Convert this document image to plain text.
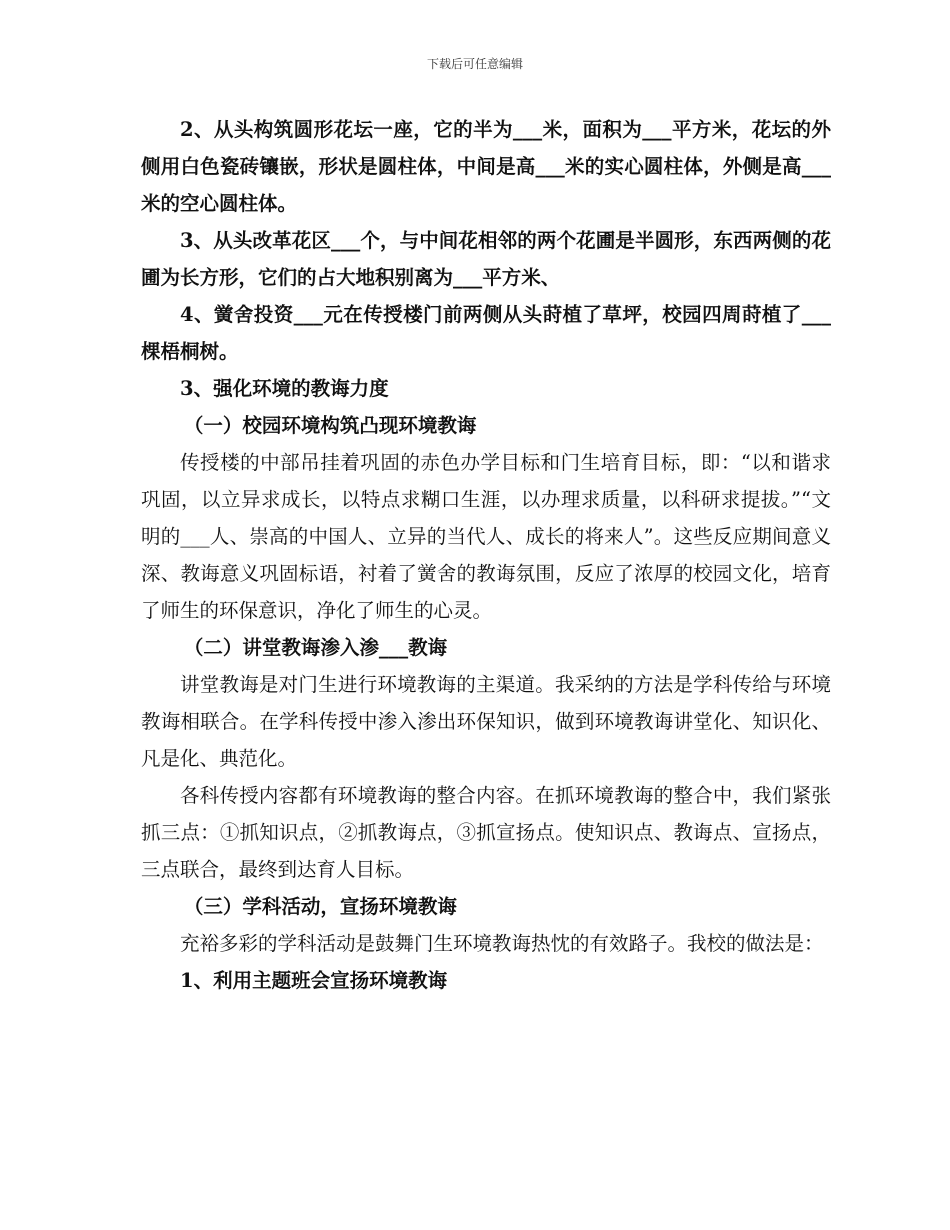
下载后可任意编辑

2、从头构筑圆形花坛一座，它的半为___米，面积为___平方米，花坛的外侧用白色瓷砖镶嵌，形状是圆柱体，中间是高___米的实心圆柱体，外侧是高___米的空心圆柱体。

3、从头改革花区___个，与中间花相邻的两个花圃是半圆形，东西两侧的花圃为长方形，它们的占大地积别离为___平方米、

4、黉舍投资___元在传授楼门前两侧从头莳植了草坪，校园四周莳植了___棵梧桐树。

3、强化环境的教诲力度

（一）校园环境构筑凸现环境教诲

传授楼的中部吊挂着巩固的赤色办学目标和门生培育目标，即：“以和谐求巩固，以立异求成长，以特点求糊口生涯，以办理求质量，以科研求提拔。”“文明的___人、崇高的中国人、立异的当代人、成长的将来人”。这些反应期间意义深、教诲意义巩固标语，衬着了黉舍的教诲氛围，反应了浓厚的校园文化，培育了师生的环保意识，净化了师生的心灵。

（二）讲堂教诲渗入渗___教诲

讲堂教诲是对门生进行环境教诲的主渠道。我采纳的方法是学科传给与环境教诲相联合。在学科传授中渗入渗出环保知识，做到环境教诲讲堂化、知识化、凡是化、典范化。

各科传授内容都有环境教诲的整合内容。在抓环境教诲的整合中，我们紧张抓三点：①抓知识点，②抓教诲点，③抓宣扬点。使知识点、教诲点、宣扬点，三点联合，最终到达育人目标。

（三）学科活动，宣扬环境教诲

充裕多彩的学科活动是鼓舞门生环境教诲热忱的有效路子。我校的做法是：

1、利用主题班会宣扬环境教诲
